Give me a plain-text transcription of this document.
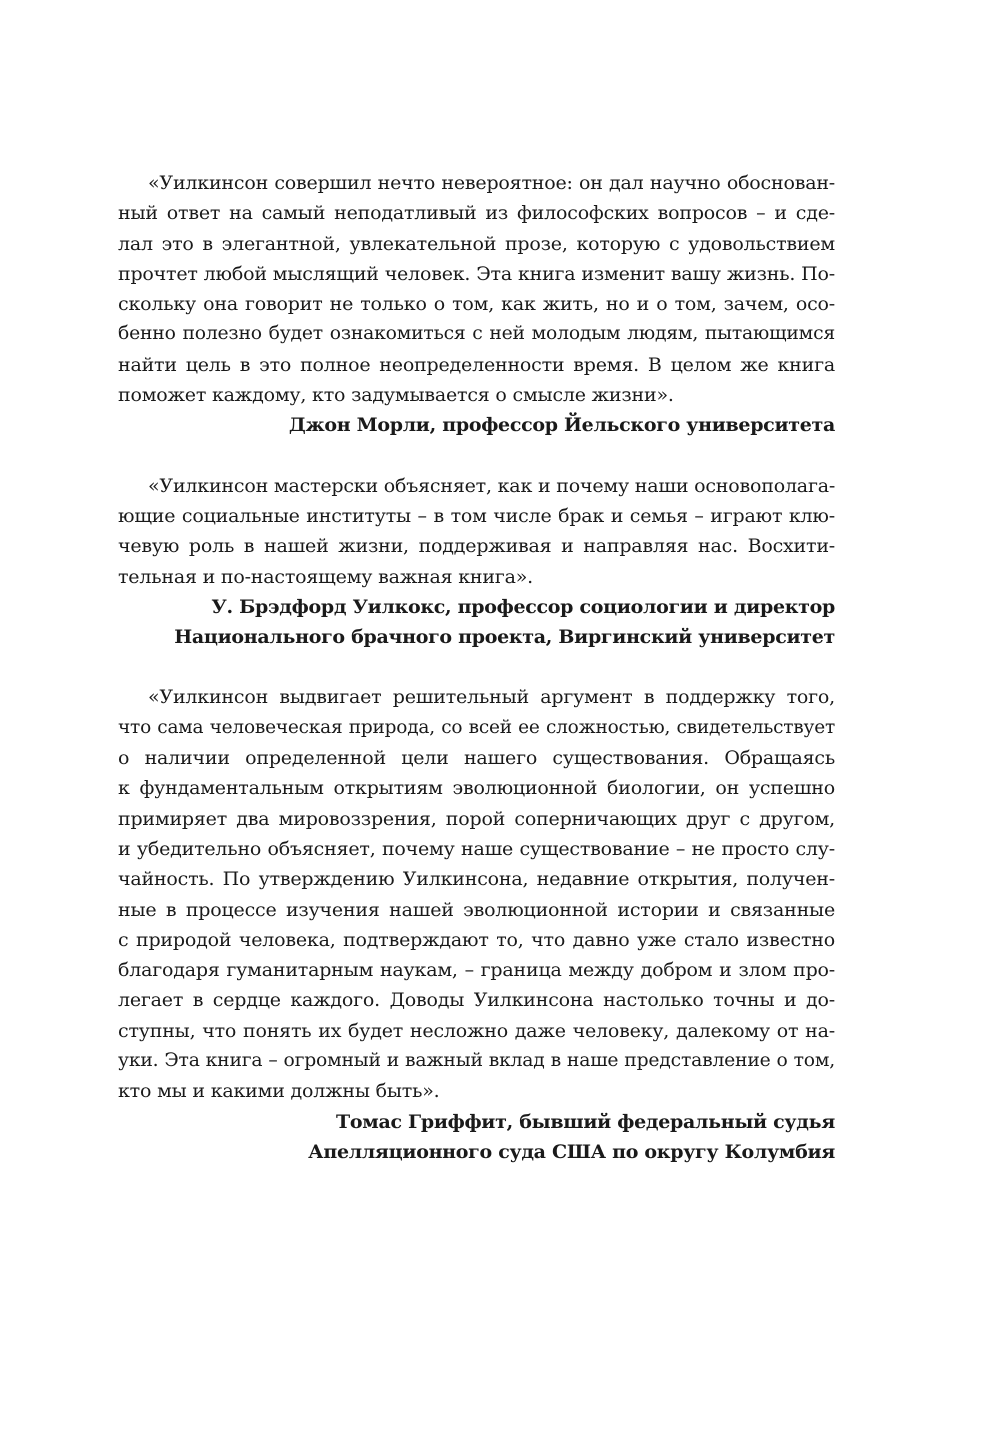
«Уилкинсон совершил нечто невероятное: он дал научно обоснован-
ный ответ на самый неподатливый из философских вопросов – и сде-
лал это в элегантной, увлекательной прозе, которую с удовольствием
прочтет любой мыслящий человек. Эта книга изменит вашу жизнь. По-
скольку она говорит не только о том, как жить, но и о том, зачем, осо-
бенно полезно будет ознакомиться с ней молодым людям, пытающимся
найти цель в это полное неопределенности время. В целом же книга
поможет каждому, кто задумывается о смысле жизни».
Джон Морли, профессор Йельского университета
«Уилкинсон мастерски объясняет, как и почему наши основополага-
ющие социальные институты – в том числе брак и семья – играют клю-
чевую роль в нашей жизни, поддерживая и направляя нас. Восхити-
тельная и по-настоящему важная книга».
У. Брэдфорд Уилкокс, профессор социологии и директор
Национального брачного проекта, Виргинский университет
«Уилкинсон выдвигает решительный аргумент в поддержку того,
что сама человеческая природа, со всей ее сложностью, свидетельствует
о наличии определенной цели нашего существования. Обращаясь
к фундаментальным открытиям эволюционной биологии, он успешно
примиряет два мировоззрения, порой соперничающих друг с другом,
и убедительно объясняет, почему наше существование – не просто слу-
чайность. По утверждению Уилкинсона, недавние открытия, получен-
ные в процессе изучения нашей эволюционной истории и связанные
с природой человека, подтверждают то, что давно уже стало известно
благодаря гуманитарным наукам, – граница между добром и злом про-
легает в сердце каждого. Доводы Уилкинсона настолько точны и до-
ступны, что понять их будет несложно даже человеку, далекому от на-
уки. Эта книга – огромный и важный вклад в наше представление о том,
кто мы и какими должны быть».
Томас Гриффит, бывший федеральный судья
Апелляционного суда США по округу Колумбия
